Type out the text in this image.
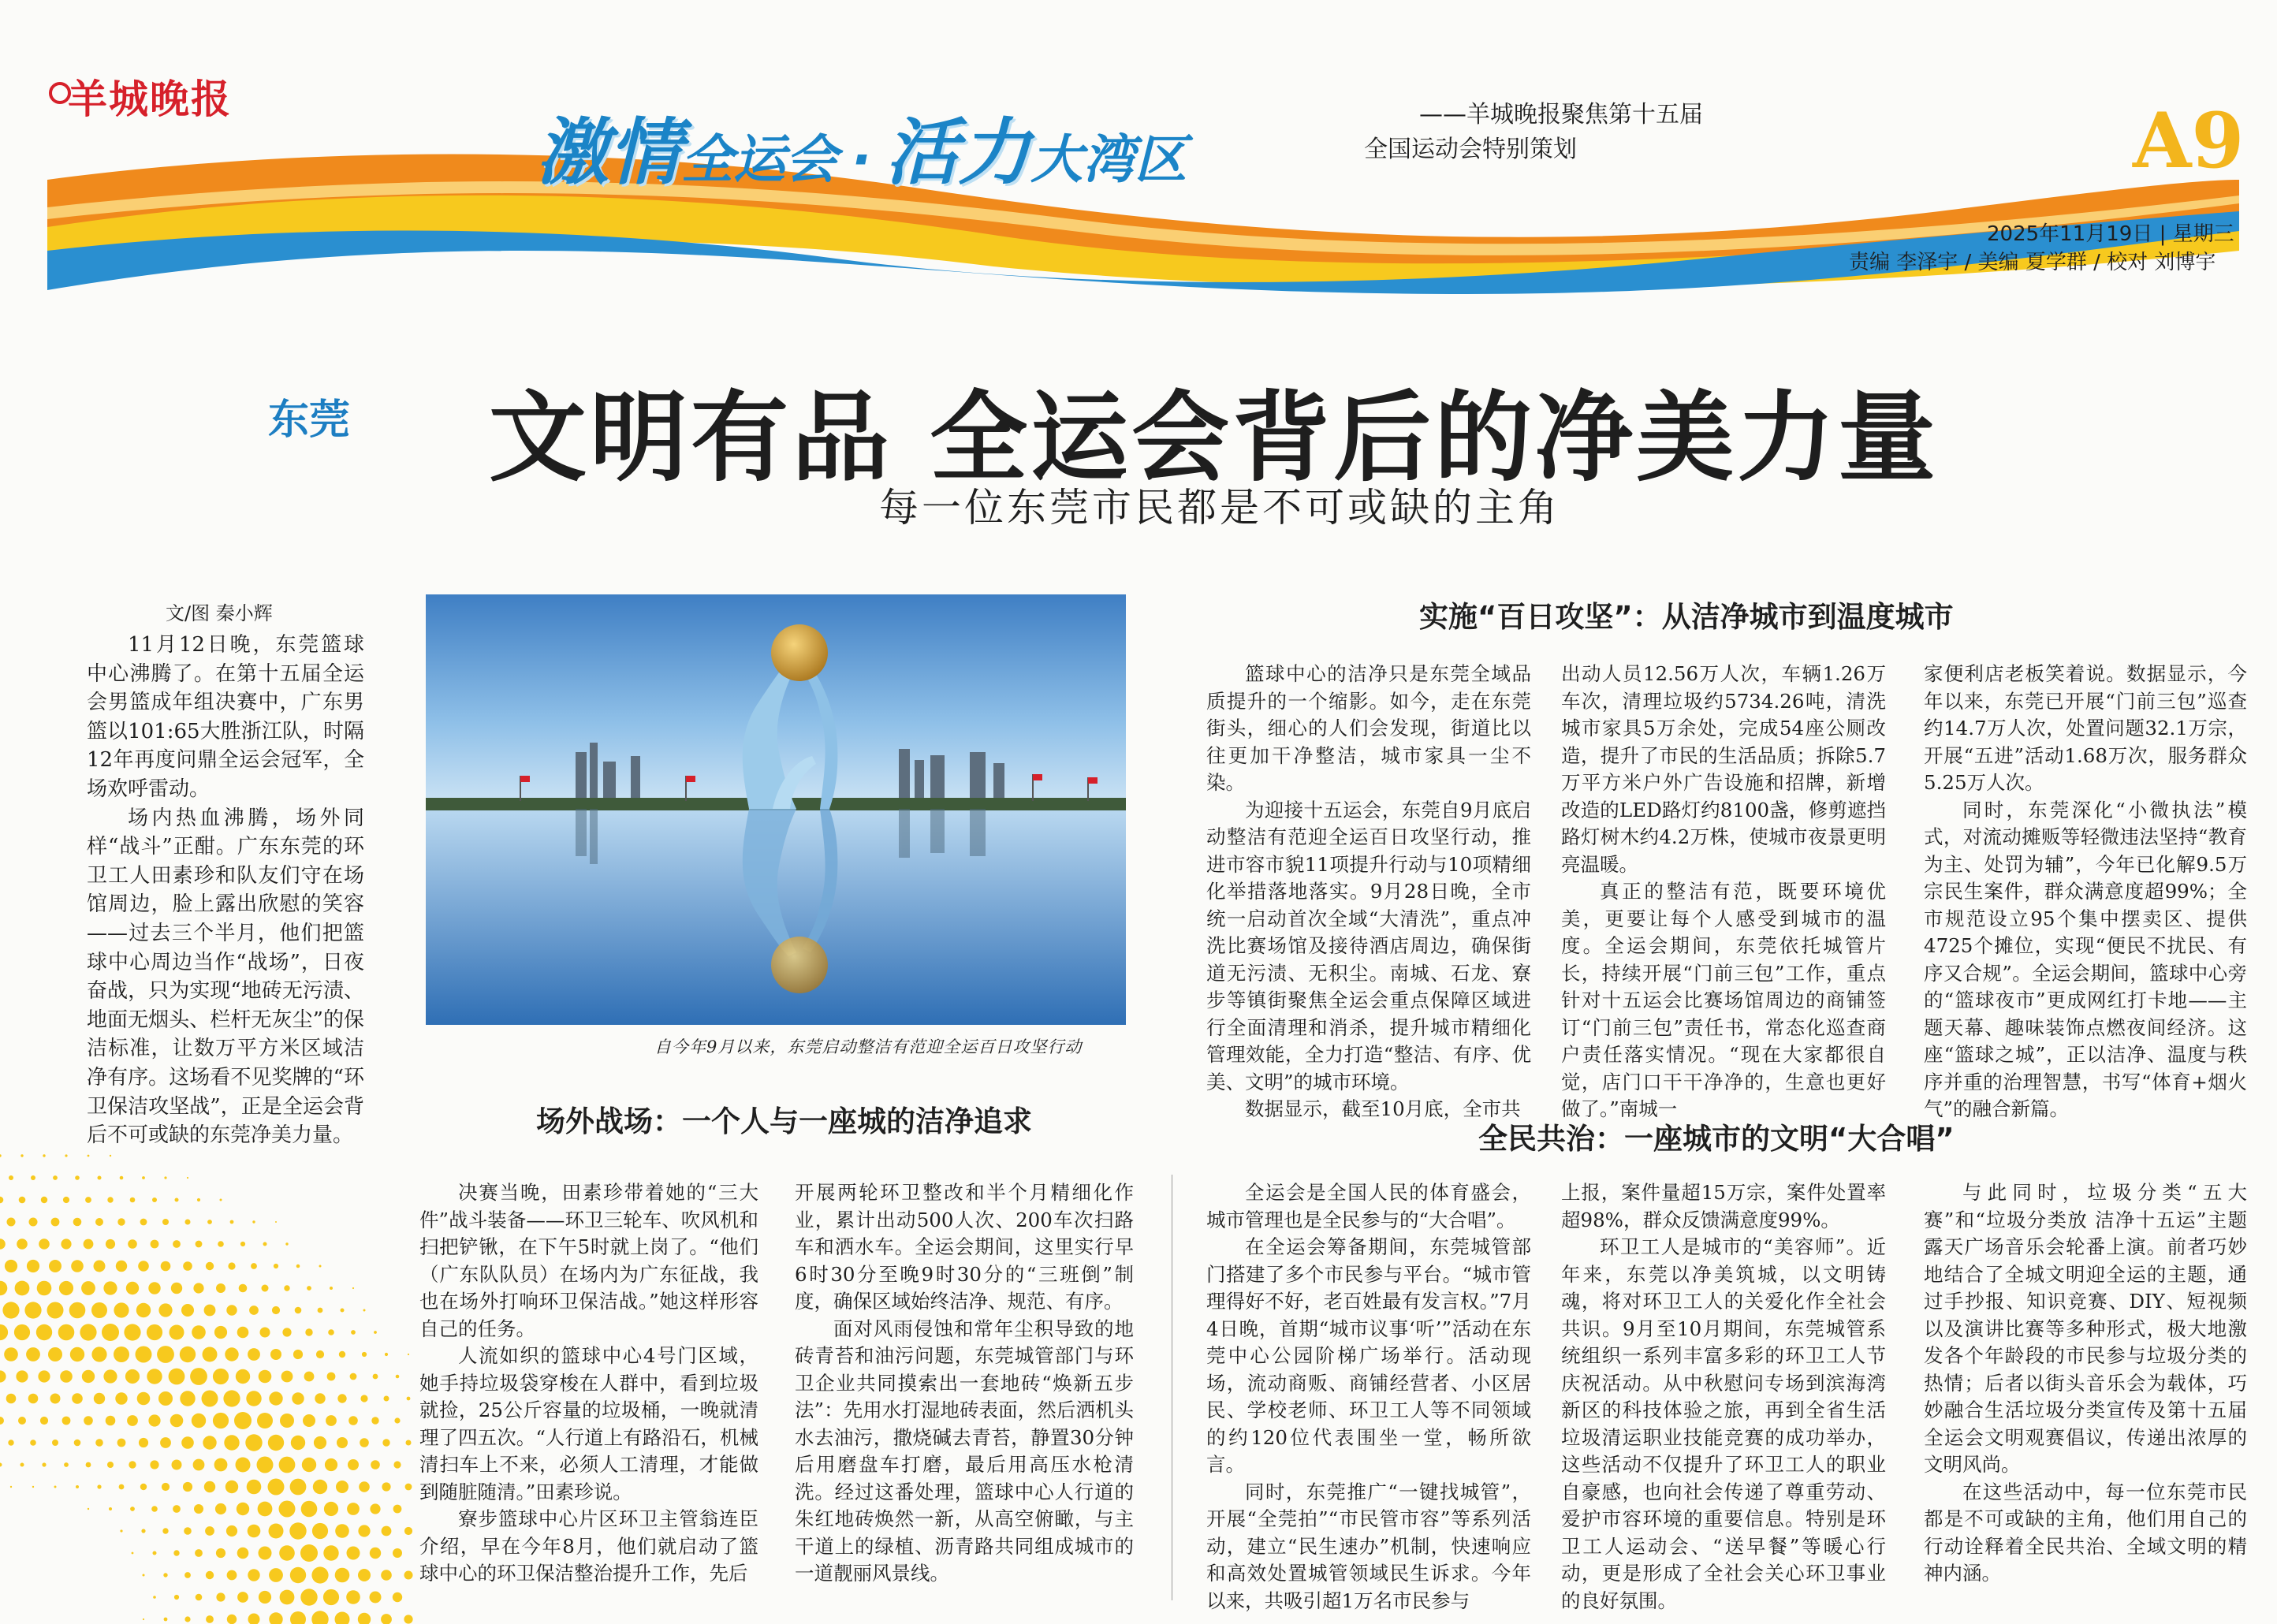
羊城晚报
激情全运会 · 活力大湾区
——羊城晚报聚焦第十五届
全国运动会特别策划	A9
2025年11月19日 | 星期三
责编 李泽宇 / 美编 夏学群 / 校对 刘博宇
东莞 文明有品 全运会背后的净美力量
每一位东莞市民都是不可或缺的主角
文/图 秦小辉

11月12日晚，东莞篮球中心沸腾了。在第十五届全运会男篮成年组决赛中，广东男篮以101:65大胜浙江队，时隔12年再度问鼎全运会冠军，全场欢呼雷动。

场内热血沸腾，场外同样“战斗”正酣。广东东莞的环卫工人田素珍和队友们守在场馆周边，脸上露出欣慰的笑容——过去三个半月，他们把篮球中心周边当作“战场”，日夜奋战，只为实现“地砖无污渍、地面无烟头、栏杆无灰尘”的保洁标准，让数万平方米区域洁净有序。这场看不见奖牌的“环卫保洁攻坚战”，正是全运会背后不可或缺的东莞净美力量。

自今年9月以来，东莞启动整洁有范迎全运百日攻坚行动
实施“百日攻坚”：从洁净城市到温度城市
场外战场：一个人与一座城的洁净追求
全民共治：一座城市的文明“大合唱”

篮球中心的洁净只是东莞全域品质提升的一个缩影。如今，走在东莞街头，细心的人们会发现，街道比以往更加干净整洁，城市家具一尘不染。

为迎接十五运会，东莞自9月底启动整洁有范迎全运百日攻坚行动，推进市容市貌11项提升行动与10项精细化举措落地落实。9月28日晚，全市统一启动首次全域“大清洗”，重点冲洗比赛场馆及接待酒店周边，确保街道无污渍、无积尘。南城、石龙、寮步等镇街聚焦全运会重点保障区域进行全面清理和消杀，提升城市精细化管理效能，全力打造“整洁、有序、优美、文明”的城市环境。

数据显示，截至10月底，全市共

出动人员12.56万人次，车辆1.26万车次，清理垃圾约5734.26吨，清洗城市家具5万余处，完成54座公厕改造，提升了市民的生活品质；拆除5.7万平方米户外广告设施和招牌，新增改造的LED路灯约8100盏，修剪遮挡路灯树木约4.2万株，使城市夜景更明亮温暖。

真正的整洁有范，既要环境优美，更要让每个人感受到城市的温度。全运会期间，东莞依托城管片长，持续开展“门前三包”工作，重点针对十五运会比赛场馆周边的商铺签订“门前三包”责任书，常态化巡查商户责任落实情况。“现在大家都很自觉，店门口干干净净的，生意也更好做了。”南城一

家便利店老板笑着说。数据显示，今年以来，东莞已开展“门前三包”巡查约14.7万人次，处置问题32.1万宗，开展“五进”活动1.68万次，服务群众5.25万人次。

同时，东莞深化“小微执法”模式，对流动摊贩等轻微违法坚持“教育为主、处罚为辅”，今年已化解9.5万宗民生案件，群众满意度超99%；全市规范设立95个集中摆卖区、提供4725个摊位，实现“便民不扰民、有序又合规”。全运会期间，篮球中心旁的“篮球夜市”更成网红打卡地——主题天幕、趣味装饰点燃夜间经济。这座“篮球之城”，正以洁净、温度与秩序并重的治理智慧，书写“体育+烟火气”的融合新篇。

决赛当晚，田素珍带着她的“三大件”战斗装备——环卫三轮车、吹风机和扫把铲锹，在下午5时就上岗了。“他们（广东队队员）在场内为广东征战，我也在场外打响环卫保洁战。”她这样形容自己的任务。

人流如织的篮球中心4号门区域，她手持垃圾袋穿梭在人群中，看到垃圾就捡，25公斤容量的垃圾桶，一晚就清理了四五次。“人行道上有路沿石，机械清扫车上不来，必须人工清理，才能做到随脏随清。”田素珍说。

寮步篮球中心片区环卫主管翁连臣介绍，早在今年8月，他们就启动了篮球中心的环卫保洁整治提升工作，先后

开展两轮环卫整改和半个月精细化作业，累计出动500人次、200车次扫路车和洒水车。全运会期间，这里实行早6时30分至晚9时30分的“三班倒”制度，确保区域始终洁净、规范、有序。

面对风雨侵蚀和常年尘积导致的地砖青苔和油污问题，东莞城管部门与环卫企业共同摸索出一套地砖“焕新五步法”：先用水打湿地砖表面，然后洒机头水去油污，撒烧碱去青苔，静置30分钟后用磨盘车打磨，最后用高压水枪清洗。经过这番处理，篮球中心人行道的朱红地砖焕然一新，从高空俯瞰，与主干道上的绿植、沥青路共同组成城市的一道靓丽风景线。

全运会是全国人民的体育盛会，城市管理也是全民参与的“大合唱”。

在全运会筹备期间，东莞城管部门搭建了多个市民参与平台。“城市管理得好不好，老百姓最有发言权。”7月4日晚，首期“城市议事‘听’”活动在东莞中心公园阶梯广场举行。活动现场，流动商贩、商铺经营者、小区居民、学校老师、环卫工人等不同领域的约120位代表围坐一堂，畅所欲言。

同时，东莞推广“一键找城管”，开展“全莞拍”“市民管市容”等系列活动，建立“民生速办”机制，快速响应和高效处置城管领域民生诉求。今年以来，共吸引超1万名市民参与

上报，案件量超15万宗，案件处置率超98%，群众反馈满意度99%。

环卫工人是城市的“美容师”。近年来，东莞以净美筑城，以文明铸魂，将对环卫工人的关爱化作全社会共识。9月至10月期间，东莞城管系统组织一系列丰富多彩的环卫工人节庆祝活动。从中秋慰问专场到滨海湾新区的科技体验之旅，再到全省生活垃圾清运职业技能竞赛的成功举办，这些活动不仅提升了环卫工人的职业自豪感，也向社会传递了尊重劳动、爱护市容环境的重要信息。特别是环卫工人运动会、“送早餐”等暖心行动，更是形成了全社会关心环卫事业的良好氛围。

与此同时，垃圾分类“五大赛”和“垃圾分类放 洁净十五运”主题露天广场音乐会轮番上演。前者巧妙地结合了全城文明迎全运的主题，通过手抄报、知识竞赛、DIY、短视频以及演讲比赛等多种形式，极大地激发各个年龄段的市民参与垃圾分类的热情；后者以街头音乐会为载体，巧妙融合生活垃圾分类宣传及第十五届全运会文明观赛倡议，传递出浓厚的文明风尚。

在这些活动中，每一位东莞市民都是不可或缺的主角，他们用自己的行动诠释着全民共治、全域文明的精神内涵。
